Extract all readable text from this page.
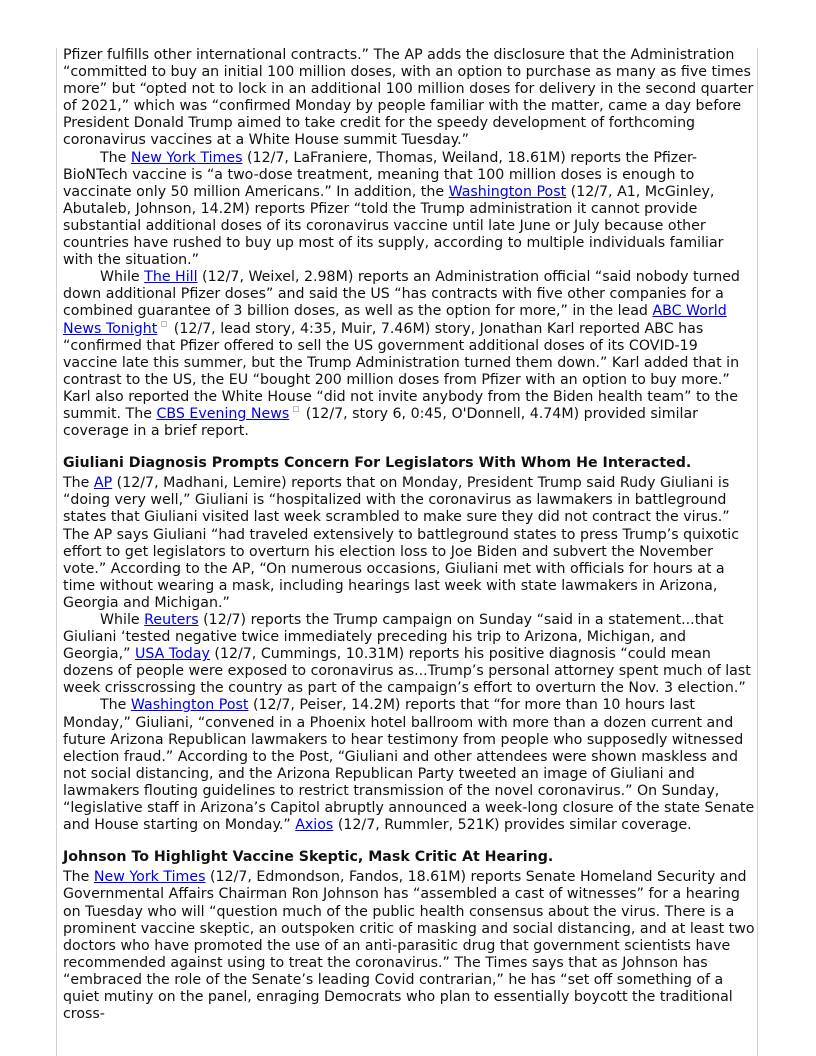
Pfizer fulfills other international contracts.” The AP adds the disclosure that the Administration “committed to buy an initial 100 million doses, with an option to purchase as many as five times more” but “opted not to lock in an additional 100 million doses for delivery in the second quarter of 2021,” which was “confirmed Monday by people familiar with the matter, came a day before President Donald Trump aimed to take credit for the speedy development of forthcoming coronavirus vaccines at a White House summit Tuesday.”

The New York Times (12/7, LaFraniere, Thomas, Weiland, 18.61M) reports the Pfizer-BioNTech vaccine is “a two-dose treatment, meaning that 100 million doses is enough to vaccinate only 50 million Americans.” In addition, the Washington Post (12/7, A1, McGinley, Abutaleb, Johnson, 14.2M) reports Pfizer “told the Trump administration it cannot provide substantial additional doses of its coronavirus vaccine until late June or July because other countries have rushed to buy up most of its supply, according to multiple individuals familiar with the situation.”

While The Hill (12/7, Weixel, 2.98M) reports an Administration official “said nobody turned down additional Pfizer doses” and said the US “has contracts with five other companies for a combined guarantee of 3 billion doses, as well as the option for more,” in the lead ABC World News Tonight (12/7, lead story, 4:35, Muir, 7.46M) story, Jonathan Karl reported ABC has “confirmed that Pfizer offered to sell the US government additional doses of its COVID-19 vaccine late this summer, but the Trump Administration turned them down.” Karl added that in contrast to the US, the EU “bought 200 million doses from Pfizer with an option to buy more.” Karl also reported the White House “did not invite anybody from the Biden health team” to the summit. The CBS Evening News (12/7, story 6, 0:45, O'Donnell, 4.74M) provided similar coverage in a brief report.

Giuliani Diagnosis Prompts Concern For Legislators With Whom He Interacted.

The AP (12/7, Madhani, Lemire) reports that on Monday, President Trump said Rudy Giuliani is “doing very well,” Giuliani is “hospitalized with the coronavirus as lawmakers in battleground states that Giuliani visited last week scrambled to make sure they did not contract the virus.” The AP says Giuliani “had traveled extensively to battleground states to press Trump’s quixotic effort to get legislators to overturn his election loss to Joe Biden and subvert the November vote.” According to the AP, “On numerous occasions, Giuliani met with officials for hours at a time without wearing a mask, including hearings last week with state lawmakers in Arizona, Georgia and Michigan.”

While Reuters (12/7) reports the Trump campaign on Sunday “said in a statement...that Giuliani ‘tested negative twice immediately preceding his trip to Arizona, Michigan, and Georgia,” USA Today (12/7, Cummings, 10.31M) reports his positive diagnosis “could mean dozens of people were exposed to coronavirus as...Trump’s personal attorney spent much of last week crisscrossing the country as part of the campaign’s effort to overturn the Nov. 3 election.”

The Washington Post (12/7, Peiser, 14.2M) reports that “for more than 10 hours last Monday,” Giuliani, “convened in a Phoenix hotel ballroom with more than a dozen current and future Arizona Republican lawmakers to hear testimony from people who supposedly witnessed election fraud.” According to the Post, “Giuliani and other attendees were shown maskless and not social distancing, and the Arizona Republican Party tweeted an image of Giuliani and lawmakers flouting guidelines to restrict transmission of the novel coronavirus.” On Sunday, “legislative staff in Arizona’s Capitol abruptly announced a week-long closure of the state Senate and House starting on Monday.” Axios (12/7, Rummler, 521K) provides similar coverage.

Johnson To Highlight Vaccine Skeptic, Mask Critic At Hearing.

The New York Times (12/7, Edmondson, Fandos, 18.61M) reports Senate Homeland Security and Governmental Affairs Chairman Ron Johnson has “assembled a cast of witnesses” for a hearing on Tuesday who will “question much of the public health consensus about the virus. There is a prominent vaccine skeptic, an outspoken critic of masking and social distancing, and at least two doctors who have promoted the use of an anti-parasitic drug that government scientists have recommended against using to treat the coronavirus.” The Times says that as Johnson has “embraced the role of the Senate’s leading Covid contrarian,” he has “set off something of a quiet mutiny on the panel, enraging Democrats who plan to essentially boycott the traditional cross-
